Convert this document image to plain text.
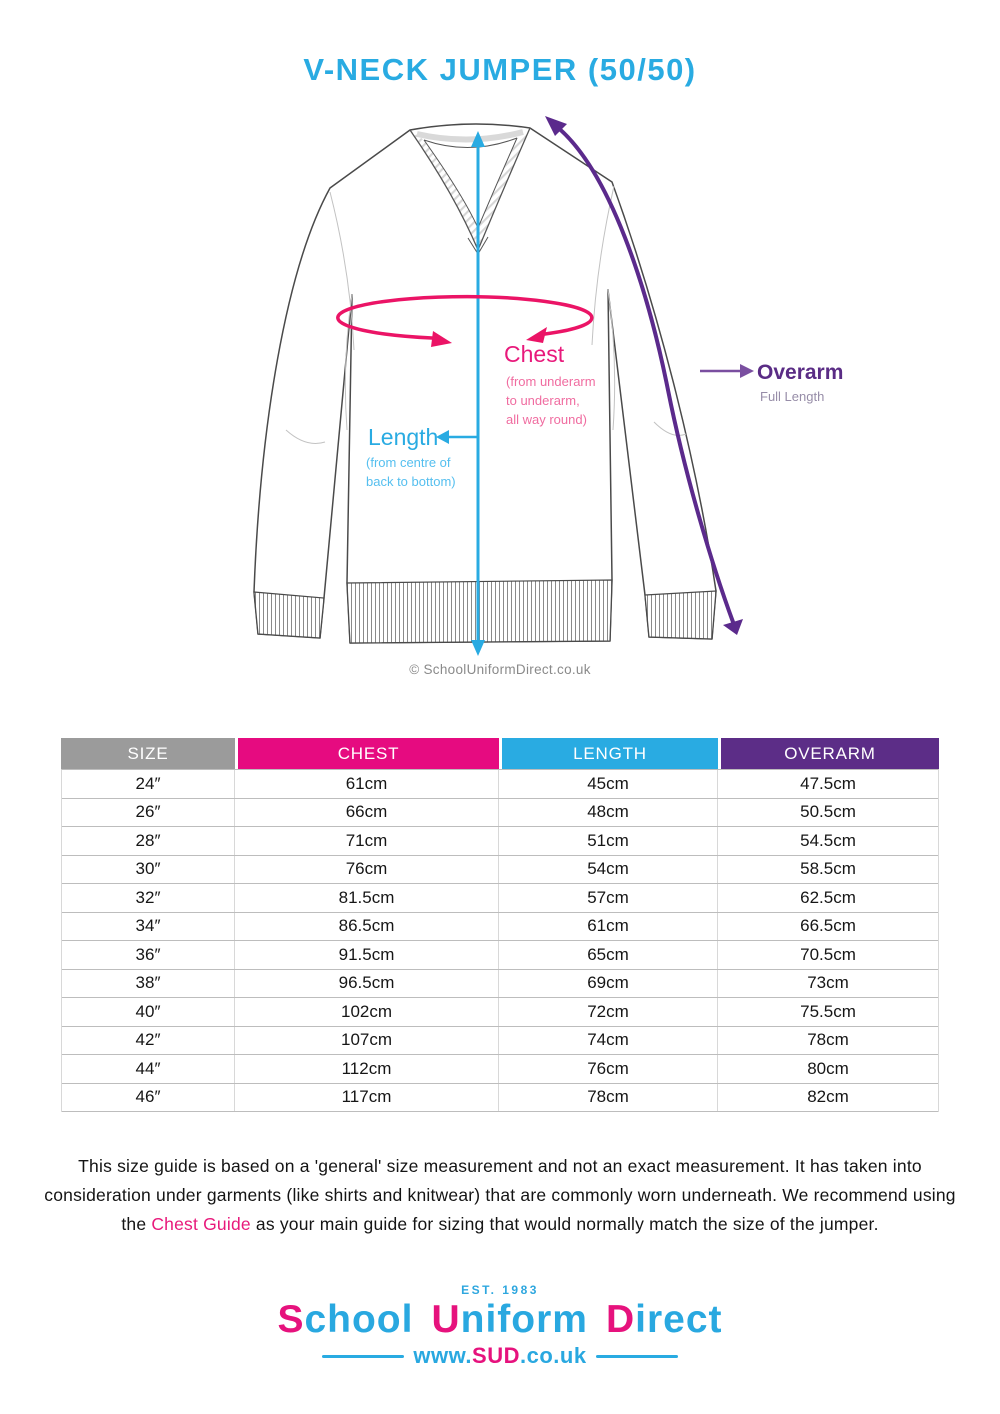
V-NECK JUMPER (50/50)
Chest
(from underarm
to underarm,
all way round)
Length
(from centre of
back to bottom)
Overarm
Full Length
© SchoolUniformDirect.co.uk
SIZE	CHEST	LENGTH	OVERARM
24″	61cm	45cm	47.5cm
26″	66cm	48cm	50.5cm
28″	71cm	51cm	54.5cm
30″	76cm	54cm	58.5cm
32″	81.5cm	57cm	62.5cm
34″	86.5cm	61cm	66.5cm
36″	91.5cm	65cm	70.5cm
38″	96.5cm	69cm	73cm
40″	102cm	72cm	75.5cm
42″	107cm	74cm	78cm
44″	112cm	76cm	80cm
46″	117cm	78cm	82cm
This size guide is based on a 'general' size measurement and not an exact measurement. It has taken into consideration under garments (like shirts and knitwear) that are commonly worn underneath. We recommend using the Chest Guide as your main guide for sizing that would normally match the size of the jumper.
EST. 1983
School Uniform Direct
www.SUD.co.uk
